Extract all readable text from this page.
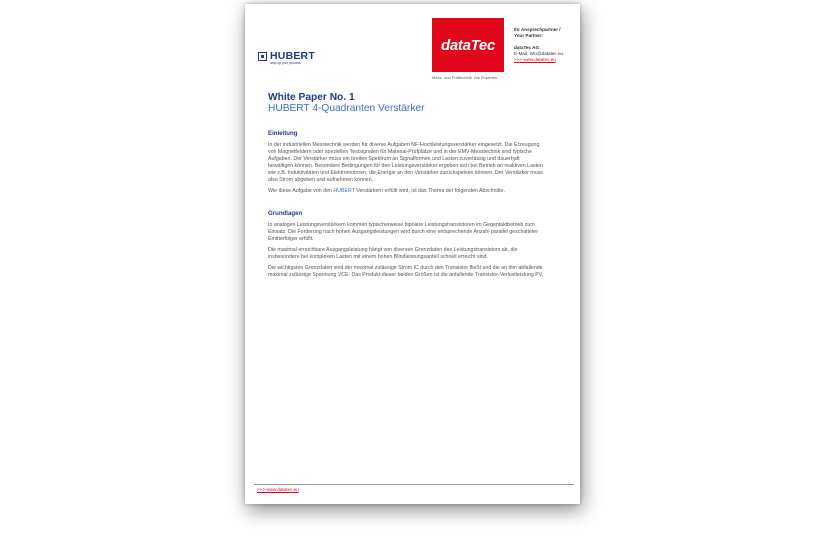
HUBERT
amp up your process
dataTec
Mess- und Prüftechnik. Die Experten.
Ihr Ansprechpartner /
Your Partner:
dataTec AG
E-Mail: info@datatec.eu
>>> www.datatec.eu
White Paper No. 1
HUBERT 4-Quadranten Verstärker
Einleitung

In der industriellen Messtechnik werden für diverse Aufgaben NF-Hochleistungsverstärker eingesetzt. Die Erzeugung von Magnetfeldern oder speziellen Testsignalen für Material-Prüfplätze und in der EMV-Messtechnik sind typische Aufgaben. Der Verstärker muss ein breites Spektrum an Signalformen und Lasten zuverlässig und dauerhaft bewältigen können. Besondere Bedingungen für den Leistungsverstärker ergeben sich bei Betrieb an reaktiven Lasten wie z.B. Induktivitäten und Elektromotoren, die Energie an den Verstärker zurückspeisen können. Der Verstärker muss also Strom abgeben und aufnehmen können.

Wie diese Aufgabe von den HUBERT Verstärkern erfüllt wird, ist das Thema der folgenden Abschnitte.

Grundlagen

In analogen Leistungsverstärkern kommen typischerweise bipolare Leistungstransistoren im Gegentaktbetrieb zum Einsatz. Die Forderung nach hohen Ausgangsleistungen wird durch eine entsprechende Anzahl parallel geschalteter Emitterfolger erfüllt.

Die maximal erreichbare Ausgangsleistung hängt von diversen Grenzdaten des Leistungstransistors ab, die insbesondere bei komplexen Lasten mit einem hohen Blindleistungsanteil schnell erreicht sind.

Die wichtigsten Grenzdaten sind der maximal zulässige Strom IC durch den Transistor fließt und die an ihm abfallende maximal zulässige Spannung VCE. Das Produkt dieser beiden Größen ist die anfallende Transistor-Verlustleistung PV.

>>> www.datatec.eu
